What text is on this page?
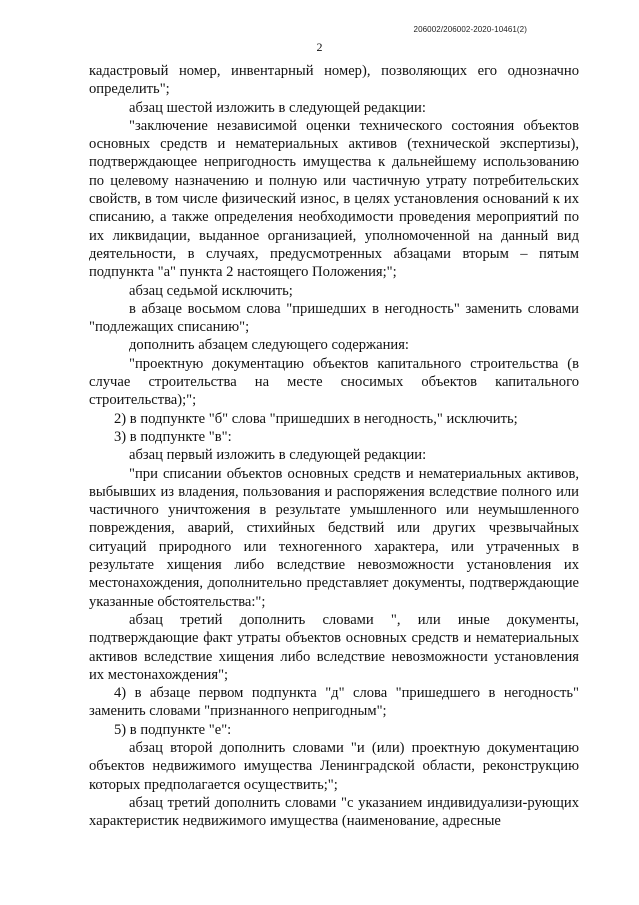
206002/206002-2020-10461(2)
2

кадастровый номер, инвентарный номер), позволяющих его однозначно определить";

абзац шестой изложить в следующей редакции:

"заключение независимой оценки технического состояния объектов основных средств и нематериальных активов (технической экспертизы), подтверждающее непригодность имущества к дальнейшему использованию по целевому назначению и полную или частичную утрату потребительских свойств, в том числе физический износ, в целях установления оснований к их списанию, а также определения необходимости проведения мероприятий по их ликвидации, выданное организацией, уполномоченной на данный вид деятельности, в случаях, предусмотренных абзацами вторым – пятым подпункта "а" пункта 2 настоящего Положения;";

абзац седьмой исключить;

в абзаце восьмом слова "пришедших в негодность" заменить словами "подлежащих списанию";

дополнить абзацем следующего содержания:

"проектную документацию объектов капитального строительства (в случае строительства на месте сносимых объектов капитального строительства);";

2) в подпункте "б" слова "пришедших в негодность," исключить;

3) в подпункте "в":

абзац первый изложить в следующей редакции:

"при списании объектов основных средств и нематериальных активов, выбывших из владения, пользования и распоряжения вследствие полного или частичного уничтожения в результате умышленного или неумышленного повреждения, аварий, стихийных бедствий или других чрезвычайных ситуаций природного или техногенного характера, или утраченных в результате хищения либо вследствие невозможности установления их местонахождения, дополнительно представляет документы, подтверждающие указанные обстоятельства:";

абзац третий дополнить словами ", или иные документы, подтверждающие факт утраты объектов основных средств и нематериальных активов вследствие хищения либо вследствие невозможности установления их местонахождения";

4) в абзаце первом подпункта "д" слова "пришедшего в негодность" заменить словами "признанного непригодным";

5) в подпункте "е":

абзац второй дополнить словами "и (или) проектную документацию объектов недвижимого имущества Ленинградской области, реконструкцию которых предполагается осуществить;";

абзац третий дополнить словами "с указанием индивидуализи-рующих характеристик недвижимого имущества (наименование, адресные
